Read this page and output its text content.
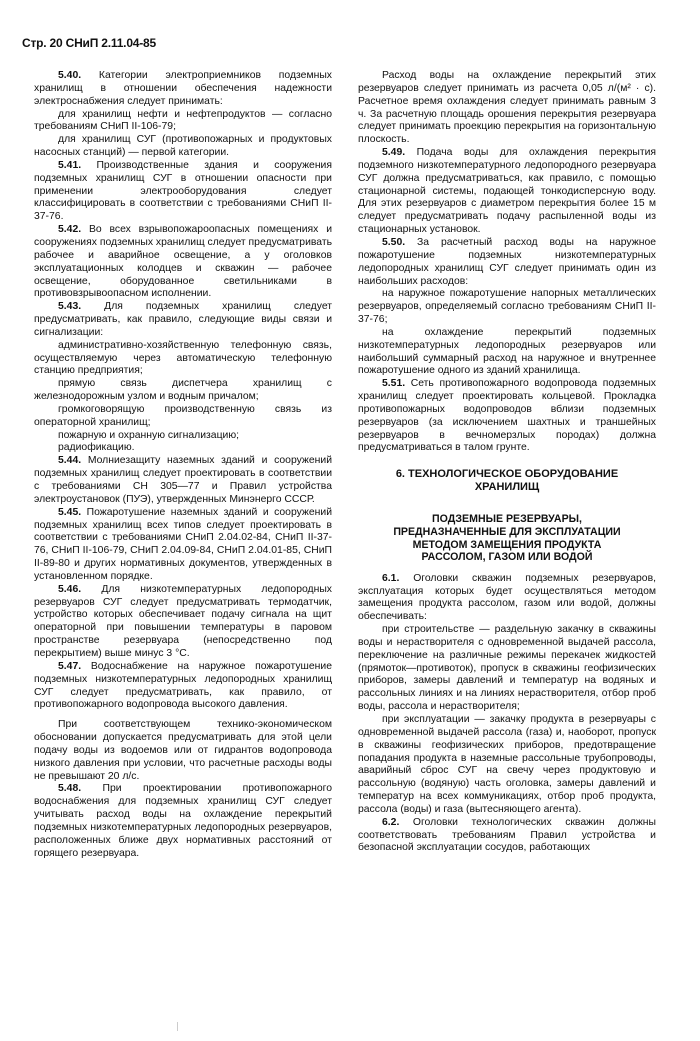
Стр. 20 СНиП 2.11.04-85

5.40. Категории электроприемников подземных хранилищ в отношении обеспечения надежности электроснабжения следует принимать:

для хранилищ нефти и нефтепродуктов — согласно требованиям СНиП II-106-79;

для хранилищ СУГ (противопожарных и продуктовых насосных станций) — первой категории.

5.41. Производственные здания и сооружения подземных хранилищ СУГ в отношении опасности при применении электрооборудования следует классифицировать в соответствии с требованиями СНиП II-37-76.

5.42. Во всех взрывопожароопасных помещениях и сооружениях подземных хранилищ следует предусматривать рабочее и аварийное освещение, а у оголовков эксплуатационных колодцев и скважин — рабочее освещение, оборудованное светильниками в противовзрывоопасном исполнении.

5.43. Для подземных хранилищ следует предусматривать, как правило, следующие виды связи и сигнализации:

административно-хозяйственную телефонную связь, осуществляемую через автоматическую телефонную станцию предприятия;

прямую связь диспетчера хранилищ с железнодорожным узлом и водным причалом;

громкоговорящую производственную связь из операторной хранилищ;

пожарную и охранную сигнализацию;

радиофикацию.

5.44. Молниезащиту наземных зданий и сооружений подземных хранилищ следует проектировать в соответствии с требованиями СН 305—77 и Правил устройства электроустановок (ПУЭ), утвержденных Минэнерго СССР.

5.45. Пожаротушение наземных зданий и сооружений подземных хранилищ всех типов следует проектировать в соответствии с требованиями СНиП 2.04.02-84, СНиП II-37-76, СНиП II-106-79, СНиП 2.04.09-84, СНиП 2.04.01-85, СНиП II-89-80 и других нормативных документов, утвержденных в установленном порядке.

5.46. Для низкотемпературных ледопородных резервуаров СУГ следует предусматривать термодатчик, устройство которых обеспечивает подачу сигнала на щит операторной при повышении температуры в паровом пространстве резервуара (непосредственно под перекрытием) выше минус 3 °С.

5.47. Водоснабжение на наружное пожаротушение подземных низкотемпературных ледопородных хранилищ СУГ следует предусматривать, как правило, от противопожарного водопровода высокого давления.

При соответствующем технико-экономическом обосновании допускается предусматривать для этой цели подачу воды из водоемов или от гидрантов водопровода низкого давления при условии, что расчетные расходы воды не превышают 20 л/с.

5.48. При проектировании противопожарного водоснабжения для подземных хранилищ СУГ следует учитывать расход воды на охлаждение перекрытий подземных низкотемпературных ледопородных резервуаров, расположенных ближе двух нормативных расстояний от горящего резервуара.

Расход воды на охлаждение перекрытий этих резервуаров следует принимать из расчета 0,05 л/(м² · с). Расчетное время охлаждения следует принимать равным 3 ч. За расчетную площадь орошения перекрытия резервуара следует принимать проекцию перекрытия на горизонтальную плоскость.

5.49. Подача воды для охлаждения перекрытия подземного низкотемпературного ледопородного резервуара СУГ должна предусматриваться, как правило, с помощью стационарной системы, подающей тонкодисперсную воду. Для этих резервуаров с диаметром перекрытия более 15 м следует предусматривать подачу распыленной воды из стационарных установок.

5.50. За расчетный расход воды на наружное пожаротушение подземных низкотемпературных ледопородных хранилищ СУГ следует принимать один из наибольших расходов:

на наружное пожаротушение напорных металлических резервуаров, определяемый согласно требованиям СНиП II-37-76;

на охлаждение перекрытий подземных низкотемпературных ледопородных резервуаров или наибольший суммарный расход на наружное и внутреннее пожаротушение одного из зданий хранилища.

5.51. Сеть противопожарного водопровода подземных хранилищ следует проектировать кольцевой. Прокладка противопожарных водопроводов вблизи подземных резервуаров (за исключением шахтных и траншейных резервуаров в вечномерзлых породах) должна предусматриваться в талом грунте.

6. ТЕХНОЛОГИЧЕСКОЕ ОБОРУДОВАНИЕ
ХРАНИЛИЩ
ПОДЗЕМНЫЕ РЕЗЕРВУАРЫ,
ПРЕДНАЗНАЧЕННЫЕ ДЛЯ ЭКСПЛУАТАЦИИ
МЕТОДОМ ЗАМЕЩЕНИЯ ПРОДУКТА
РАССОЛОМ, ГАЗОМ ИЛИ ВОДОЙ

6.1. Оголовки скважин подземных резервуаров, эксплуатация которых будет осуществляться методом замещения продукта рассолом, газом или водой, должны обеспечивать:

при строительстве — раздельную закачку в скважины воды и нерастворителя с одновременной выдачей рассола, переключение на различные режимы перекачек жидкостей (прямоток—противоток), пропуск в скважины геофизических приборов, замеры давлений и температур на водяных и рассольных линиях и на линиях нерастворителя, отбор проб воды, рассола и нерастворителя;

при эксплуатации — закачку продукта в резервуары с одновременной выдачей рассола (газа) и, наоборот, пропуск в скважины геофизических приборов, предотвращение попадания продукта в наземные рассольные трубопроводы, аварийный сброс СУГ на свечу через продуктовую и рассольную (водяную) часть оголовка, замеры давлений и температур на всех коммуникациях, отбор проб продукта, рассола (воды) и газа (вытесняющего агента).

6.2. Оголовки технологических скважин должны соответствовать требованиям Правил устройства и безопасной эксплуатации сосудов, работающих
